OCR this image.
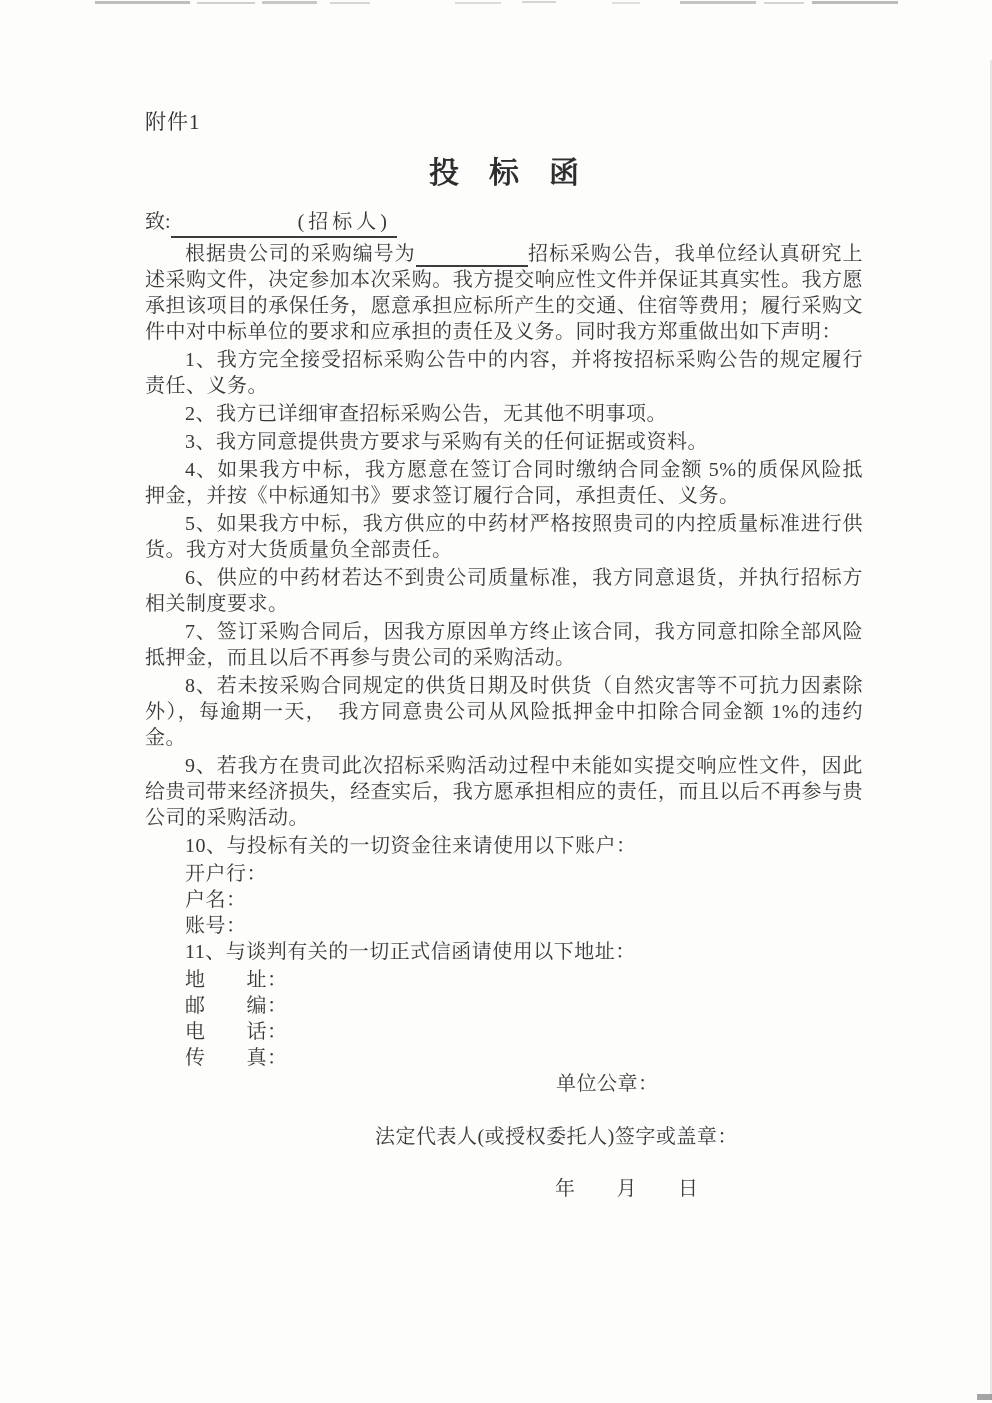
附件1
投　标　函
致:	(招标人)

根据贵公司的采购编号为	招标采购公告，我单位经认真研究上述采购文件，决定参加本次采购。我方提交响应性文件并保证其真实性。我方愿承担该项目的承保任务，愿意承担应标所产生的交通、住宿等费用；履行采购文件中对中标单位的要求和应承担的责任及义务。同时我方郑重做出如下声明：

1、我方完全接受招标采购公告中的内容，并将按招标采购公告的规定履行责任、义务。

2、我方已详细审查招标采购公告，无其他不明事项。

3、我方同意提供贵方要求与采购有关的任何证据或资料。

4、如果我方中标，我方愿意在签订合同时缴纳合同金额 5%的质保风险抵押金，并按《中标通知书》要求签订履行合同，承担责任、义务。

5、如果我方中标，我方供应的中药材严格按照贵司的内控质量标准进行供货。我方对大货质量负全部责任。

6、供应的中药材若达不到贵公司质量标准，我方同意退货，并执行招标方相关制度要求。

7、签订采购合同后，因我方原因单方终止该合同，我方同意扣除全部风险抵押金，而且以后不再参与贵公司的采购活动。

8、若未按采购合同规定的供货日期及时供货（自然灾害等不可抗力因素除外），每逾期一天，　我方同意贵公司从风险抵押金中扣除合同金额 1%的违约金。

9、若我方在贵司此次招标采购活动过程中未能如实提交响应性文件，因此给贵司带来经济损失，经查实后，我方愿承担相应的责任，而且以后不再参与贵公司的采购活动。

10、与投标有关的一切资金往来请使用以下账户：

开户行：

户名：

账号：

11、与谈判有关的一切正式信函请使用以下地址：

地　　址：

邮　　编：

电　　话：

传　　真：

单位公章：

法定代表人(或授权委托人)签字或盖章：

年　　月　　日
